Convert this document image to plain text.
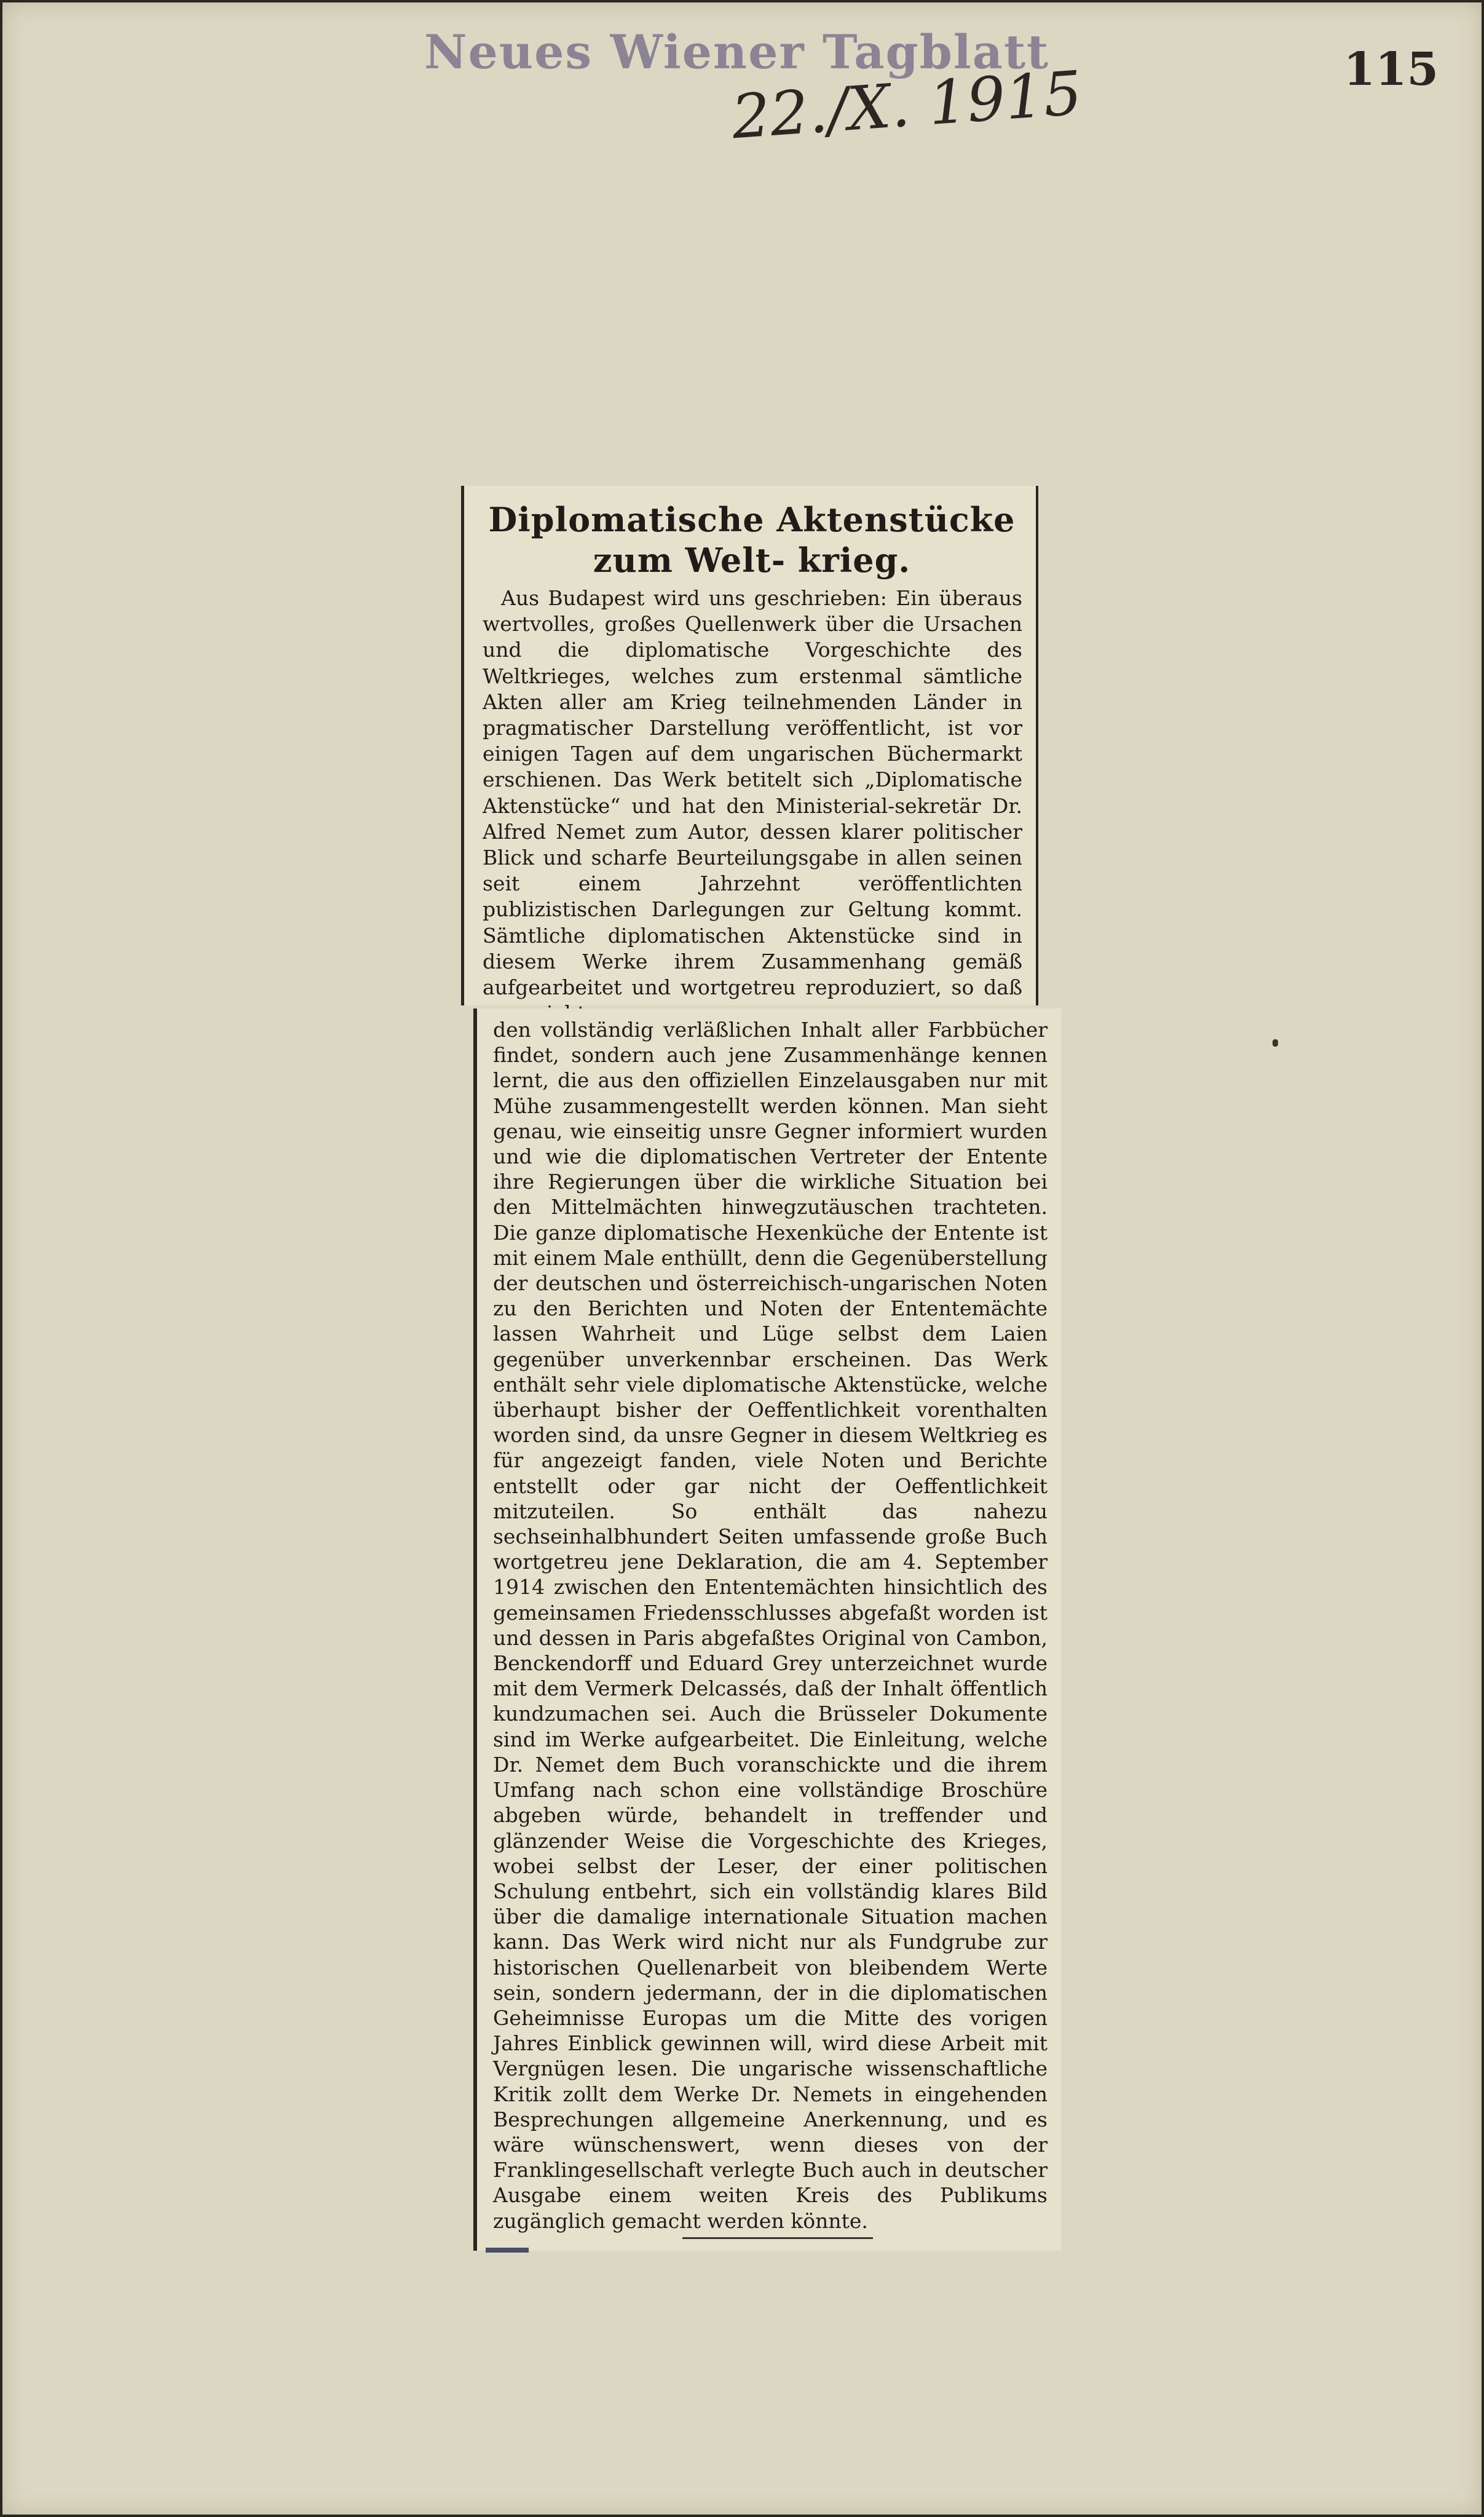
Neues Wiener Tagblatt
22./X. 1915	115
Diplomatische Aktenstücke zum Welt- krieg.
Aus Budapest wird uns geschrieben: Ein überaus wertvolles, großes Quellenwerk über die Ursachen und die diplomatische Vorgeschichte des Weltkrieges, welches zum erstenmal sämtliche Akten aller am Krieg teilnehmenden Länder in pragmatischer Darstellung veröffentlicht, ist vor einigen Tagen auf dem ungarischen Büchermarkt erschienen. Das Werk betitelt sich „Diplomatische Aktenstücke“ und hat den Ministerial-sekretär Dr. Alfred Nemet zum Autor, dessen klarer politischer Blick und scharfe Beurteilungsgabe in allen seinen seit einem Jahrzehnt veröffentlichten publizistischen Darlegungen zur Geltung kommt. Sämtliche diplomatischen Aktenstücke sind in diesem Werke ihrem Zusammenhang gemäß aufgearbeitet und wortgetreu reproduziert, so daß
den vollständig verläßlichen Inhalt aller Farbbücher findet, sondern auch jene Zusammenhänge kennen lernt, die aus den offiziellen Einzelausgaben nur mit Mühe zusammengestellt werden können. Man sieht genau, wie einseitig unsre Gegner informiert wurden und wie die diplomatischen Vertreter der Entente ihre Regierungen über die wirkliche Situation bei den Mittelmächten hinwegzutäuschen trachteten. Die ganze diplomatische Hexenküche der Entente ist mit einem Male enthüllt, denn die Gegenüberstellung der deutschen und österreichisch-ungarischen Noten zu den Berichten und Noten der Ententemächte lassen Wahrheit und Lüge selbst dem Laien gegenüber unverkennbar erscheinen. Das Werk enthält sehr viele diplomatische Aktenstücke, welche überhaupt bisher der Oeffentlichkeit vorenthalten worden sind, da unsre Gegner in diesem Weltkrieg es für angezeigt fanden, viele Noten und Berichte entstellt oder gar nicht der Oeffentlichkeit mitzuteilen. So enthält das nahezu sechseinhalbhundert Seiten umfassende große Buch wortgetreu jene Deklaration, die am 4. September 1914 zwischen den Ententemächten hinsichtlich des gemeinsamen Friedensschlusses abgefaßt worden ist und dessen in Paris abgefaßtes Original von Cambon, Benckendorff und Eduard Grey unterzeichnet wurde mit dem Vermerk Delcassés, daß der Inhalt öffentlich kundzumachen sei. Auch die Brüsseler Dokumente sind im Werke aufgearbeitet. Die Einleitung, welche Dr. Nemet dem Buch voranschickte und die ihrem Umfang nach schon eine vollständige Broschüre abgeben würde, behandelt in treffender und glänzender Weise die Vorgeschichte des Krieges, wobei selbst der Leser, der einer politischen Schulung entbehrt, sich ein vollständig klares Bild über die damalige internationale Situation machen kann. Das Werk wird nicht nur als Fundgrube zur historischen Quellenarbeit von bleibendem Werte sein, sondern jedermann, der in die diplomatischen Geheimnisse Europas um die Mitte des vorigen Jahres Einblick gewinnen will, wird diese Arbeit mit Vergnügen lesen. Die ungarische wissenschaftliche Kritik zollt dem Werke Dr. Nemets in eingehenden Besprechungen allgemeine Anerkennung, und es wäre wünschenswert, wenn dieses von der Franklingesellschaft verlegte Buch auch in deutscher Ausgabe einem weiten Kreis des Publikums zugänglich gemacht werden könnte.
